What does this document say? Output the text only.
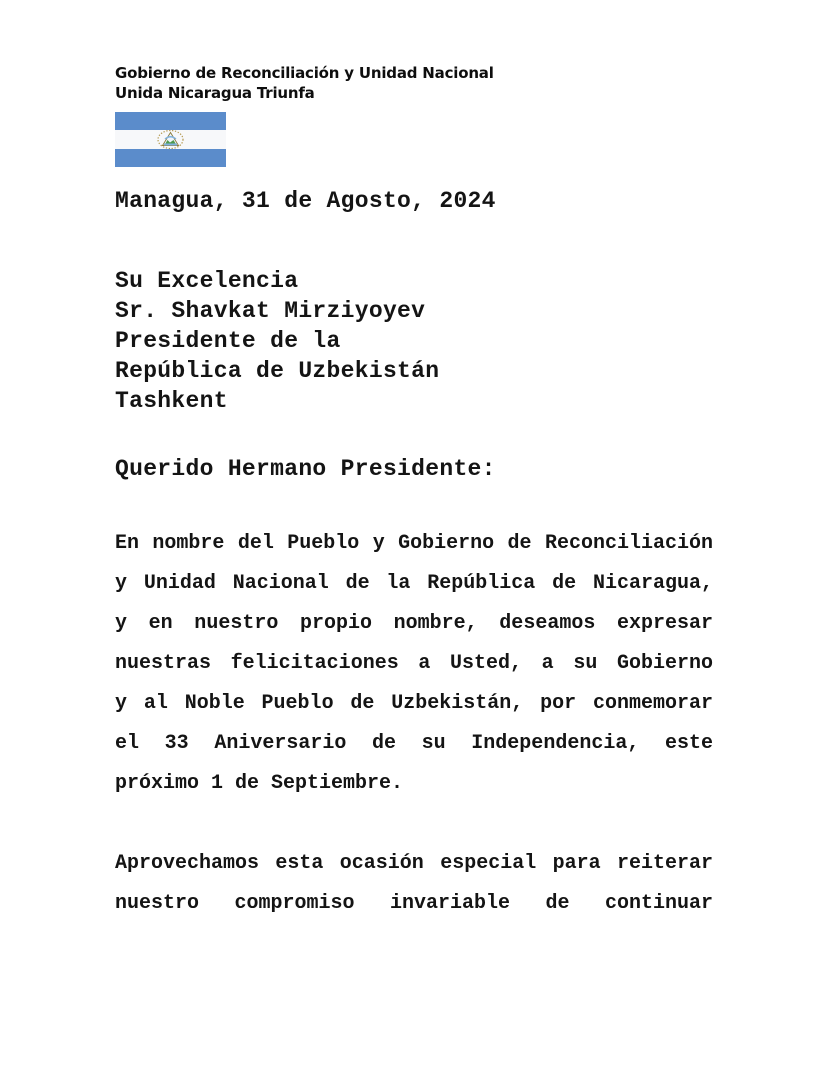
Gobierno de Reconciliación y Unidad Nacional
Unida Nicaragua Triunfa
Managua, 31 de Agosto, 2024
Su Excelencia
Sr. Shavkat Mirziyoyev
Presidente de la
República de Uzbekistán
Tashkent
Querido Hermano Presidente:
En nombre del Pueblo y Gobierno de Reconciliación
y Unidad Nacional de la República de Nicaragua,
y en nuestro propio nombre, deseamos expresar
nuestras felicitaciones a Usted, a su Gobierno
y al Noble Pueblo de Uzbekistán, por conmemorar
el 33 Aniversario de su Independencia, este
próximo 1 de Septiembre.
Aprovechamos esta ocasión especial para reiterar
nuestro compromiso invariable de continuar
